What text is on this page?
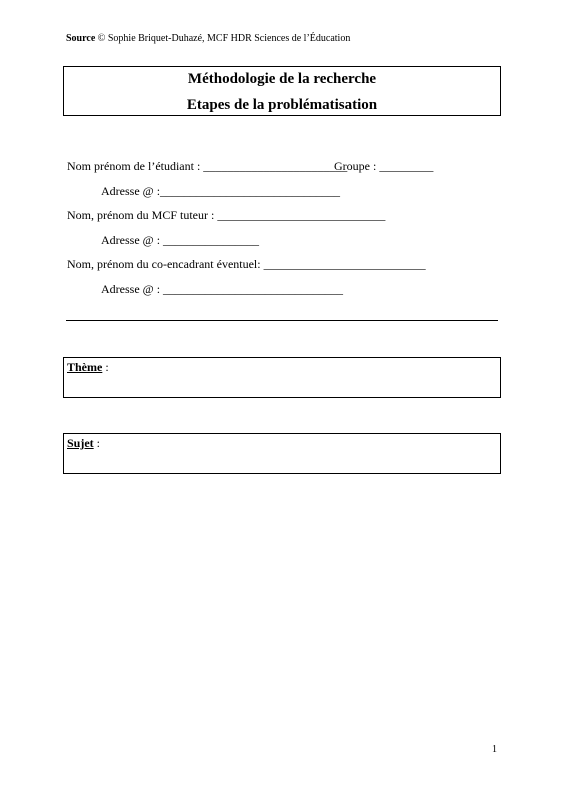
Source © Sophie Briquet-Duhazé, MCF HDR Sciences de l’Éducation
Méthodologie de la recherche
Etapes de la problématisation
Nom prénom de l’étudiant : ________________________
Groupe : _________
Adresse @ :______________________________
Nom, prénom du MCF tuteur : ____________________________
Adresse @ : ________________
Nom, prénom du co-encadrant éventuel: ___________________________
Adresse @ : ______________________________
Thème :
Sujet :
1
